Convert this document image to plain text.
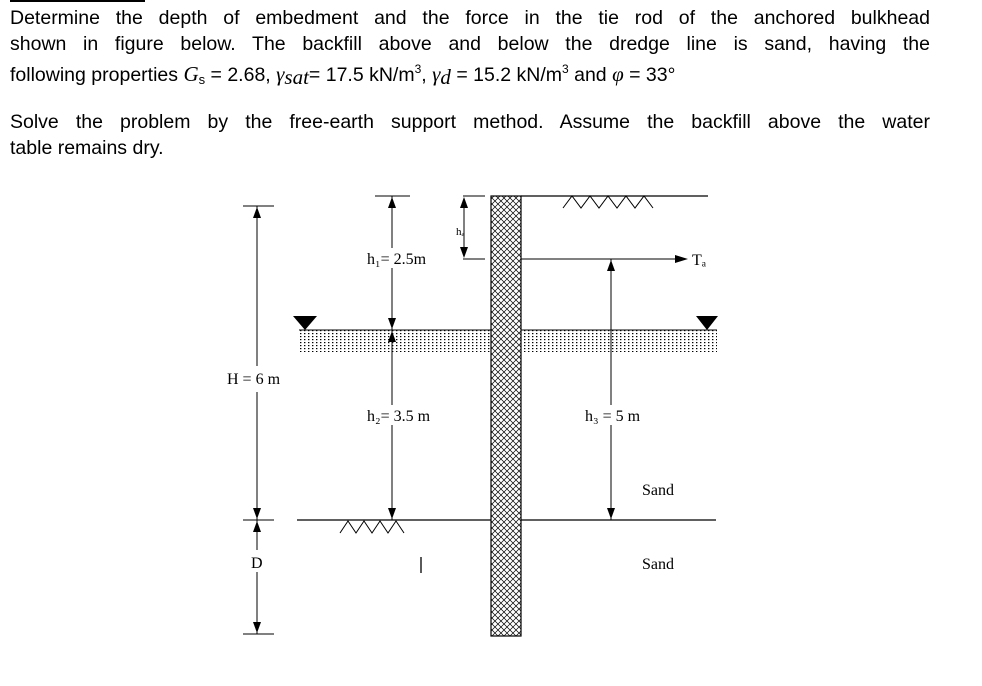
Determine the depth of embedment and the force in the tie rod of the anchored bulkhead
shown in figure below. The backfill above and below the dredge line is sand, having the
following properties $G_s = 2.68$, $\gamma_{sat}= 17.5$ $kN/m^3$, $\gamma_d = 15.2$ $kN/m^3$ and φ = 33°

Solve the problem by the free-earth support method. Assume the backfill above the water
table remains dry.

Tₐ
hₐ
h₁= 2.5m
h₂= 3.5 m	h₃ = 5 m
H = 6 m
D
Sand
Sand
